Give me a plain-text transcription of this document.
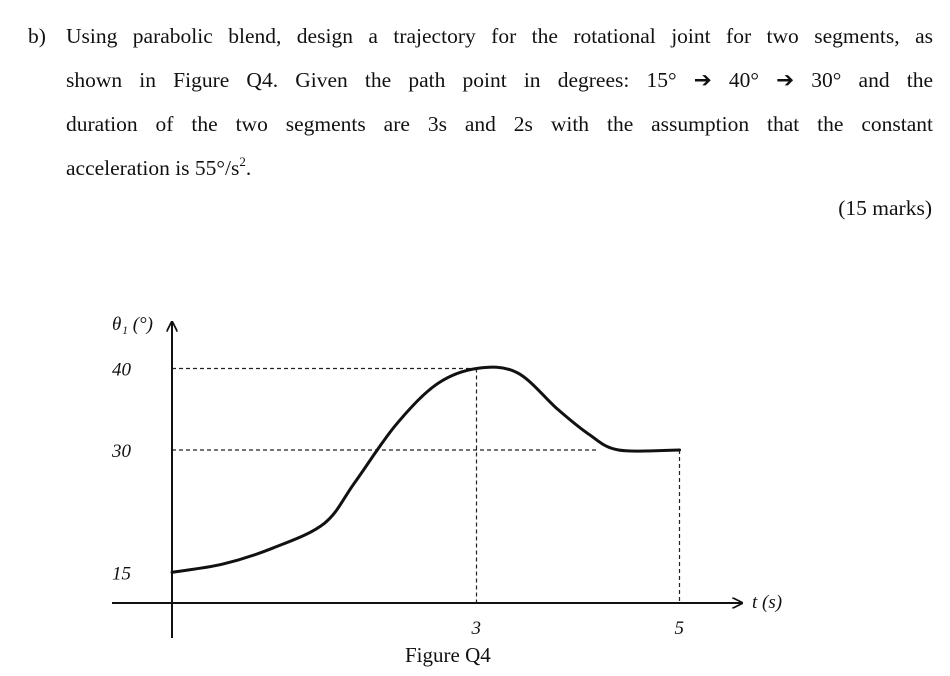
b) Using parabolic blend, design a trajectory for the rotational joint for two segments, as
shown in Figure Q4. Given the path point in degrees: 15° ➔ 40° ➔ 30° and the
duration of the two segments are 3s and 2s with the assumption that the constant
acceleration is $55^\circ/s^2$.
(15 marks)
40
30
15
3	5
θ₁ (°)
t (s)
Figure Q4
